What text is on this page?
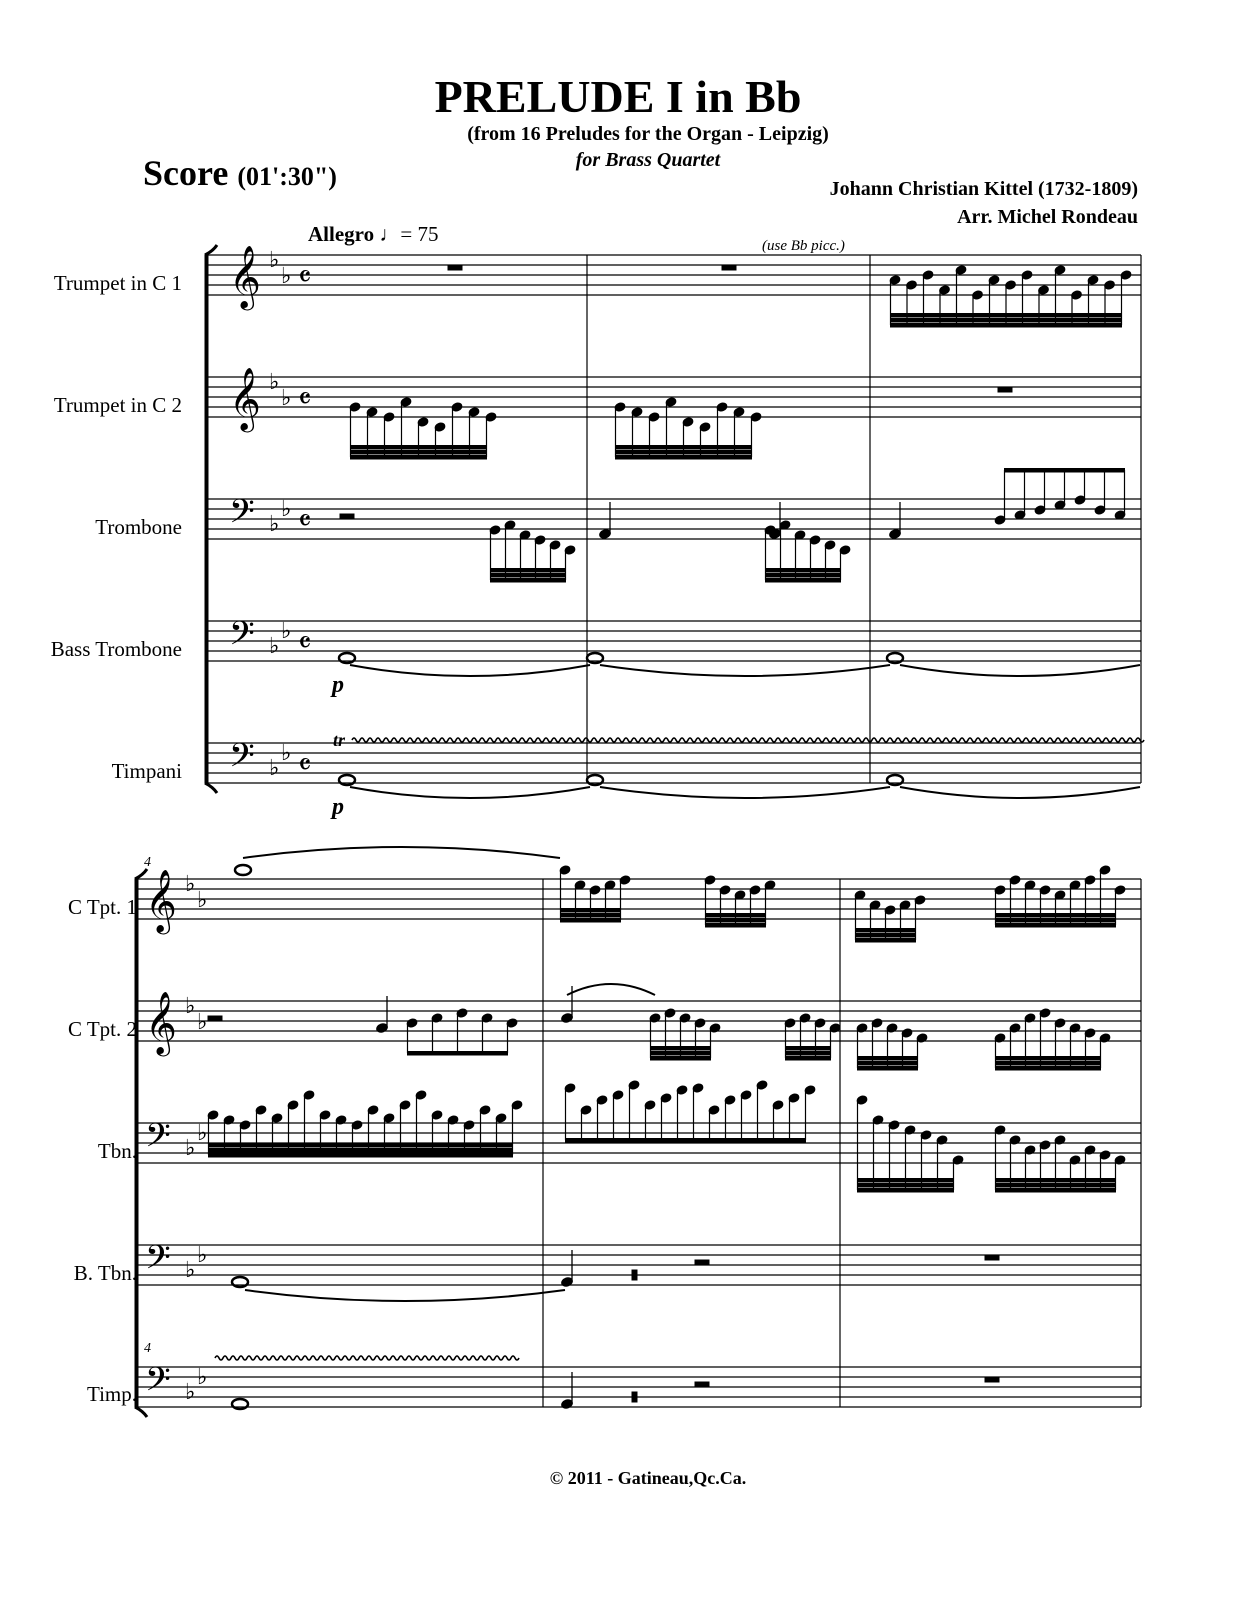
PRELUDE I in Bb
(from 16 Preludes for the Organ - Leipzig)
for Brass Quartet
Score (01':30")	Johann Christian Kittel (1732-1809)
Arr. Michel Rondeau
Allegro ♩= 75
𝄞 ♭
♭ 𝄴
𝄞 ♭
♭ 𝄴
𝄢 ♭
♭ 𝄴
𝄢 ♭
♭ 𝄴
𝄢 ♭
♭ 𝄴
𝄞 ♭
♭
𝄞 ♭
♭
𝄢 ♭
♭
𝄢 ♭
♭
𝄢 ♭
♭
Trumpet in C 1
Trumpet in C 2
Trombone
Bass Trombone
Timpani
C Tpt. 1
C Tpt. 2
Tbn.
B. Tbn.
Timp.
4
4
(use Bb picc.)
p
p
tr
© 2011 - Gatineau,Qc.Ca.
